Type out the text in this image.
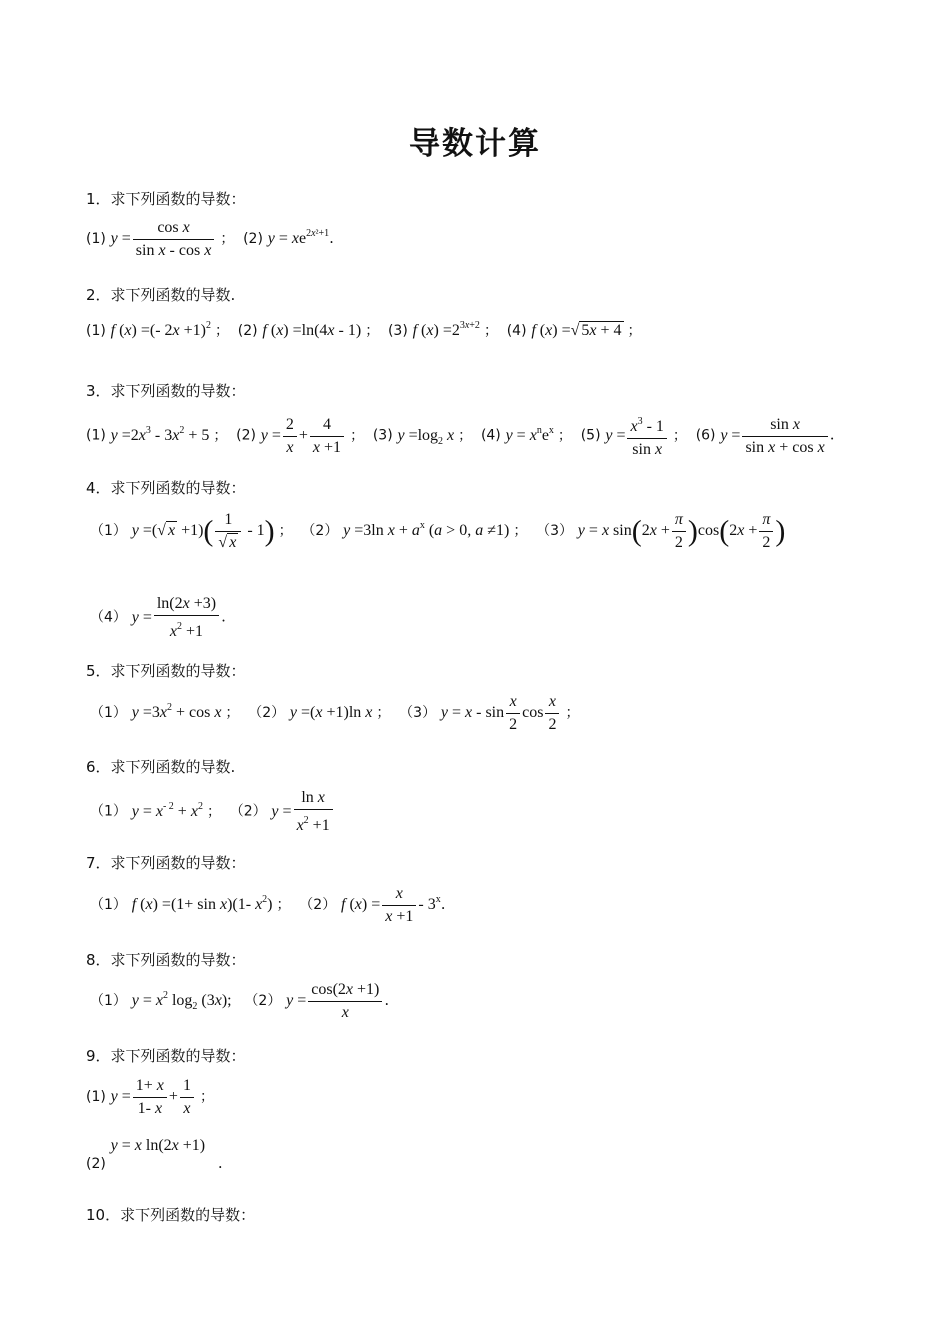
导数计算
1．求下列函数的导数：
(1) $y = \frac{\text{cos x}}{\text{sin x - cos x}}$ ； (2) $y = xe^{2x^2+1}$.
2．求下列函数的导数.
(1) f (x) =(- 2x +1)$^2$ ； (2) f (x) =ln(4x - 1) ； (3) f $(x) =2^{3x+2}$ ； (4) f (x) =√ 5x + 4 ；
3．求下列函数的导数：
(1) $y =2x^3 - 3x^2 + 5$ ； (2) $y = \frac{2}{x} + \frac{4}{x +1}$ ； (3) $y =\log_2$ x ； (4) $y = x^ne^x$ ； (5) $y = \frac{x^3 - 1}{\text{sin x}}$ ； (6) $y = \frac{\text{sin x}}{\text{sin x + cos x}}$ .
4．求下列函数的导数：
（1） y =(√ $x +1)( \frac{1}{√ x} - 1)$ ； （2） y =3ln $x + a^x$ (a > 0, a ≠1) ； （3） y = x $\sin(2x + \frac{\pi}{2} )\cos(2x + \frac{\pi}{2}$ )
（4） $y = \frac{\ln(2x +3)}{x^2 +1}$ .
5．求下列函数的导数：
（1） $y =3x^2 + \cos x$ ； （2） y =(x +1)ln x ； （3） $y = x - \sin \frac{x}{2}$ $\cos \frac{x}{2}$ ；
6．求下列函数的导数.
（1） $y = x^{- 2} + x^2$ ； （2） $y = \frac{\text{ln x}}{x^2 +1}$
7．求下列函数的导数：
（1） f (x) =(1+ sin x)(1- $x^2$) ； （2） f $(x) = \frac{x}{x +1} - 3^x$.
8．求下列函数的导数：
（1） $y = x^2$ $\log_2 (3x)$; （2） $y = \frac{\cos(2x +1)}{x}$ .
9．求下列函数的导数：
(1) $y = \frac{1+ x}{1- x} + \frac{1}{x}$ ；
(2) y = x ln(2x +1) .
10．求下列函数的导数：
